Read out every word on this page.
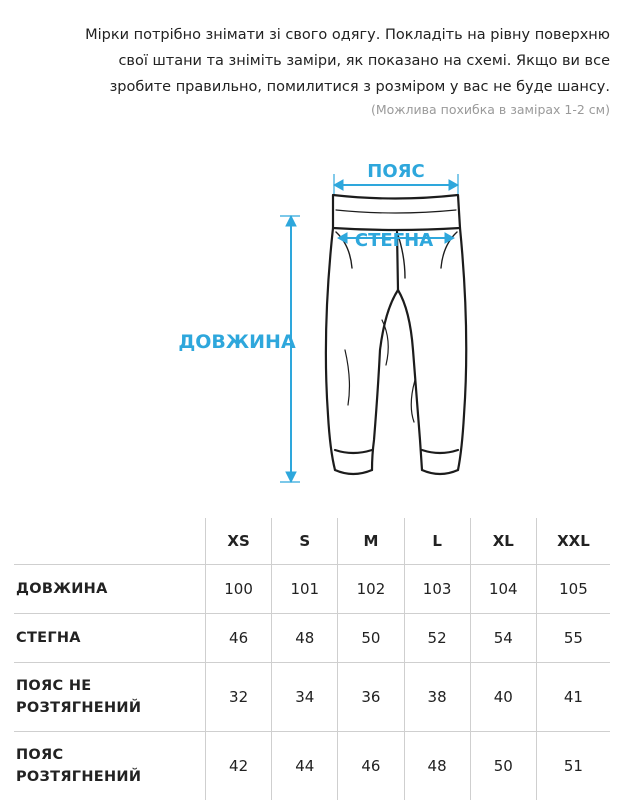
Мірки потрібно знімати зі свого одягу. Покладіть на рівну поверхню
свої штани та зніміть заміри, як показано на схемі. Якщо ви все
зробите правильно, помилитися з розміром у вас не буде шансу.
(Можлива похибка в замірах 1-2 см)
ПОЯС
СТЕГНА
ДОВЖИНА
	XS	S	M	L	XL	XXL
ДОВЖИНА	100	101	102	103	104	105
СТЕГНА	46	48	50	52	54	55

ПОЯС НЕ
РОЗТЯГНЕНИЙ	32	34	36	38	40	41

ПОЯС
РОЗТЯГНЕНИЙ	42	44	46	48	50	51
